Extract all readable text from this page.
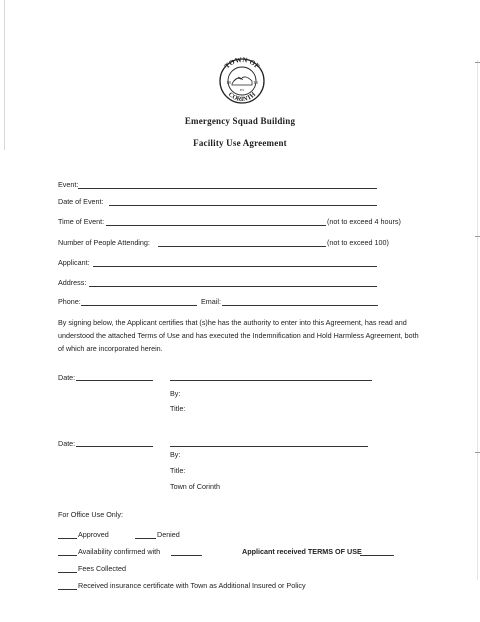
TOWN OF
CORINTH
18	18
ES
Emergency Squad Building
Facility Use Agreement
Event:
Date of Event:
Time of Event:	(not to exceed 4 hours)
Number of People Attending:	(not to exceed 100)
Applicant:
Address:
Phone:	Email:
By signing below, the Applicant certifies that (s)he has the authority to enter into this Agreement, has read and understood the attached Terms of Use and has executed the Indemnification and Hold Harmless Agreement, both of which are incorporated herein.
Date:
By:
Title:
Date:
By:
Title:
Town of Corinth
For Office Use Only:
Approved	Denied
Availability confirmed with	Applicant received TERMS OF USE
Fees Collected
Received insurance certificate with Town as Additional Insured or Policy
